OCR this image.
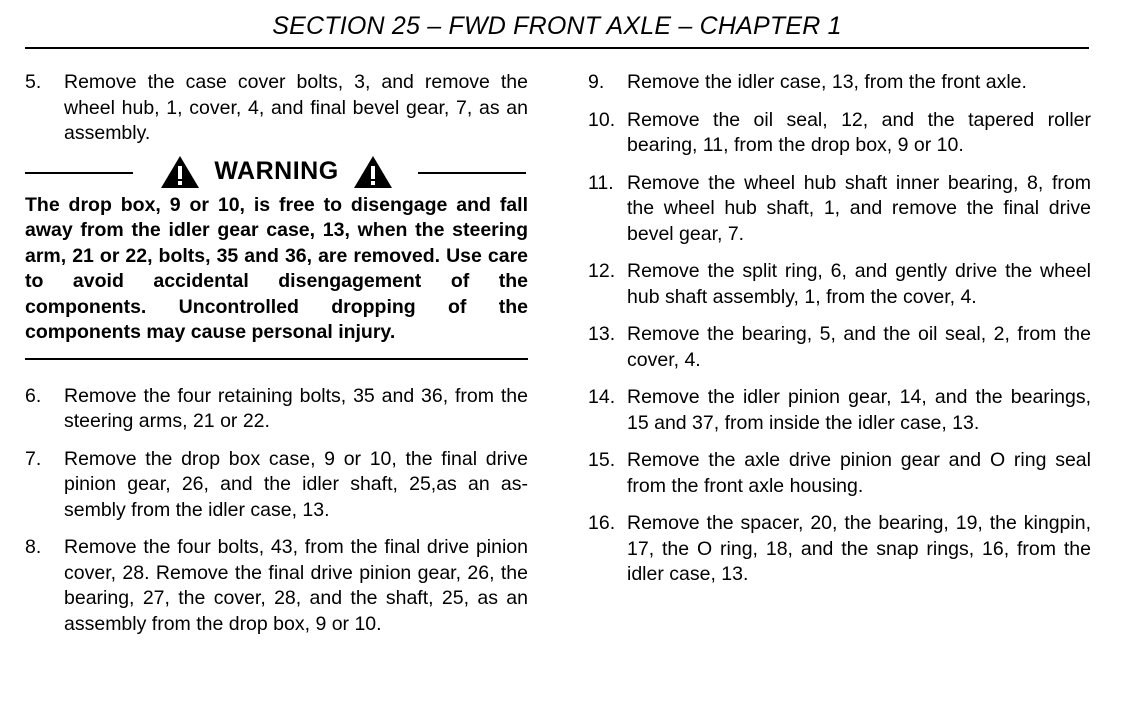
SECTION 25 – FWD FRONT AXLE – CHAPTER 1
5.	Remove the case cover bolts, 3, and remove the wheel hub, 1, cover, 4, and final bevel gear, 7, as an assembly.
WARNING
The drop box, 9 or 10, is free to disengage and fall away from the idler gear case, 13, when the steering arm, 21 or 22, bolts, 35 and 36, are removed. Use care to avoid accidental disengagement of the components. Uncontrolled dropping of the components may cause personal injury.
6.	Remove the four retaining bolts, 35 and 36, from the steering arms, 21 or 22.
7.	Remove the drop box case, 9 or 10, the final drive pinion gear, 26, and the idler shaft, 25,as an assembly from the idler case, 13.
8.	Remove the four bolts, 43, from the final drive pinion cover, 28. Remove the final drive pinion gear, 26, the bearing, 27, the cover, 28, and the shaft, 25, as an assembly from the drop box, 9 or 10.
9.	Remove the idler case, 13, from the front axle.
10. Remove the oil seal, 12, and the tapered roller bearing, 11, from the drop box, 9 or 10.
11. Remove the wheel hub shaft inner bearing, 8, from the wheel hub shaft, 1, and remove the final drive bevel gear, 7.
12. Remove the split ring, 6, and gently drive the wheel hub shaft assembly, 1, from the cover, 4.
13. Remove the bearing, 5, and the oil seal, 2, from the cover, 4.
14. Remove the idler pinion gear, 14, and the bearings, 15 and 37, from inside the idler case, 13.
15. Remove the axle drive pinion gear and O ring seal from the front axle housing.
16. Remove the spacer, 20, the bearing, 19, the kingpin, 17, the O ring, 18, and the snap rings, 16, from the idler case, 13.
